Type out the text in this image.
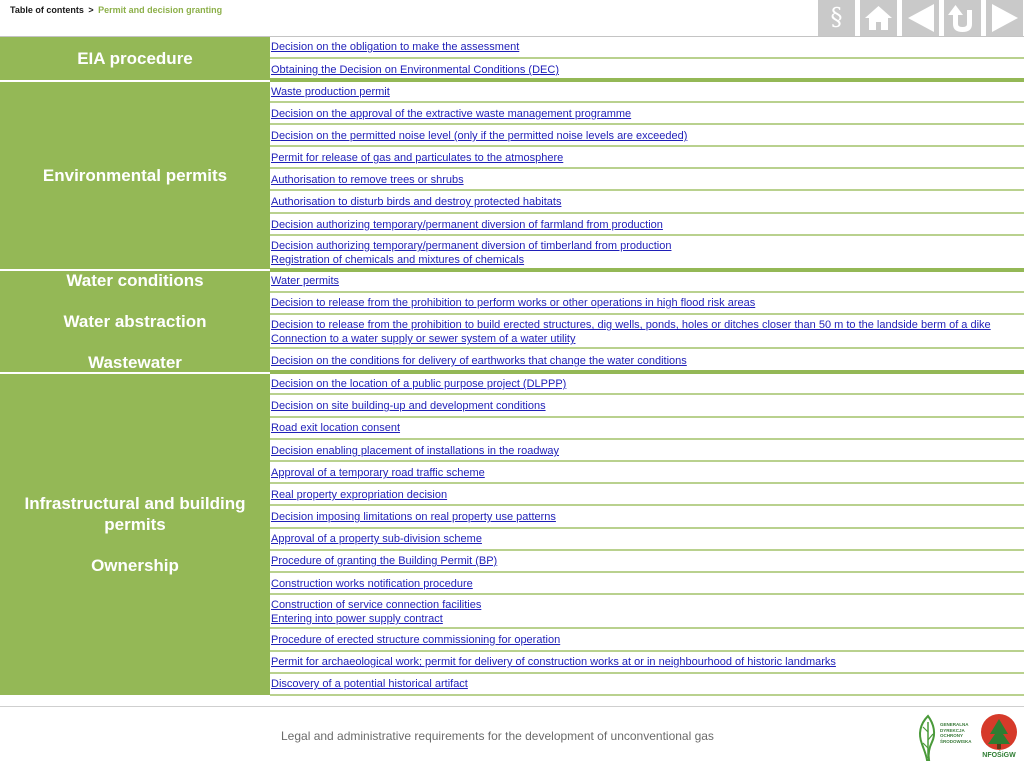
Table of contents > Permit and decision granting	§
EIA procedure
Environmental permits
Water conditions
Water abstraction
Wastewater
Infrastructural and building
permits
Ownership
Decision on the obligation to make the assessment
Obtaining the Decision on Environmental Conditions (DEC)
Waste production permit
Decision on the approval of the extractive waste management programme
Decision on the permitted noise level (only if the permitted noise levels are exceeded)
Permit for release of gas and particulates to the atmosphere
Authorisation to remove trees or shrubs
Authorisation to disturb birds and destroy protected habitats
Decision authorizing temporary/permanent diversion of farmland from production
Decision authorizing temporary/permanent diversion of timberland from production
Registration of chemicals and mixtures of chemicals
Water permits
Decision to release from the prohibition to perform works or other operations in high flood risk areas
Decision to release from the prohibition to build erected structures, dig wells, ponds, holes or ditches closer than 50 m to the landside berm of a dike
Connection to a water supply or sewer system of a water utility
Decision on the conditions for delivery of earthworks that change the water conditions
Decision on the location of a public purpose project (DLPPP)
Decision on site building-up and development conditions
Road exit location consent
Decision enabling placement of installations in the roadway
Approval of a temporary road traffic scheme
Real property expropriation decision
Decision imposing limitations on real property use patterns
Approval of a property sub-division scheme
Procedure of granting the Building Permit (BP)
Construction works notification procedure
Construction of service connection facilities
Entering into power supply contract
Procedure of erected structure commissioning for operation
Permit for archaeological work; permit for delivery of construction works at or in neighbourhood of historic landmarks
Discovery of a potential historical artifact
Legal and administrative requirements for the development of unconventional gas
GENERALNA
DYREKCJA
OCHRONY
ŚRODOWISKA
NFOŚiGW
